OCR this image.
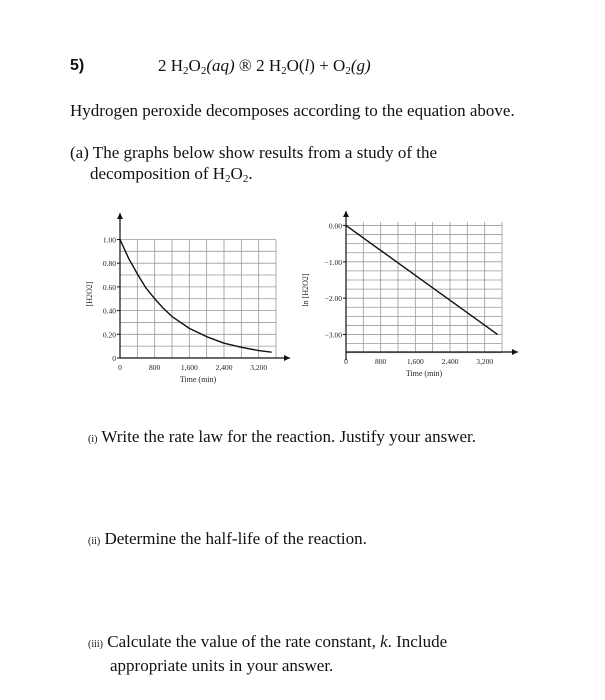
5)	2 $H_2O_2(aq)$ ® 2 $H_2O(l) + O_2(g)$
Hydrogen peroxide decomposes according to the equation above.
(a) The graphs below show results from a study of the
decomposition of $H_2O_2$.
0
0.20
0.40
0.60
0.80
1.00
0	800	1,600 2,400 3,200
Time (min)
[H2O2]
0.00
−1.00
−2.00
−3.00
0	800	1,600 2,400 3,200
Time (min)
ln [H2O2]
(i) Write the rate law for the reaction. Justify your answer.
(ii) Determine the half-life of the reaction.
(iii) Calculate the value of the rate constant, k. Include
appropriate units in your answer.
